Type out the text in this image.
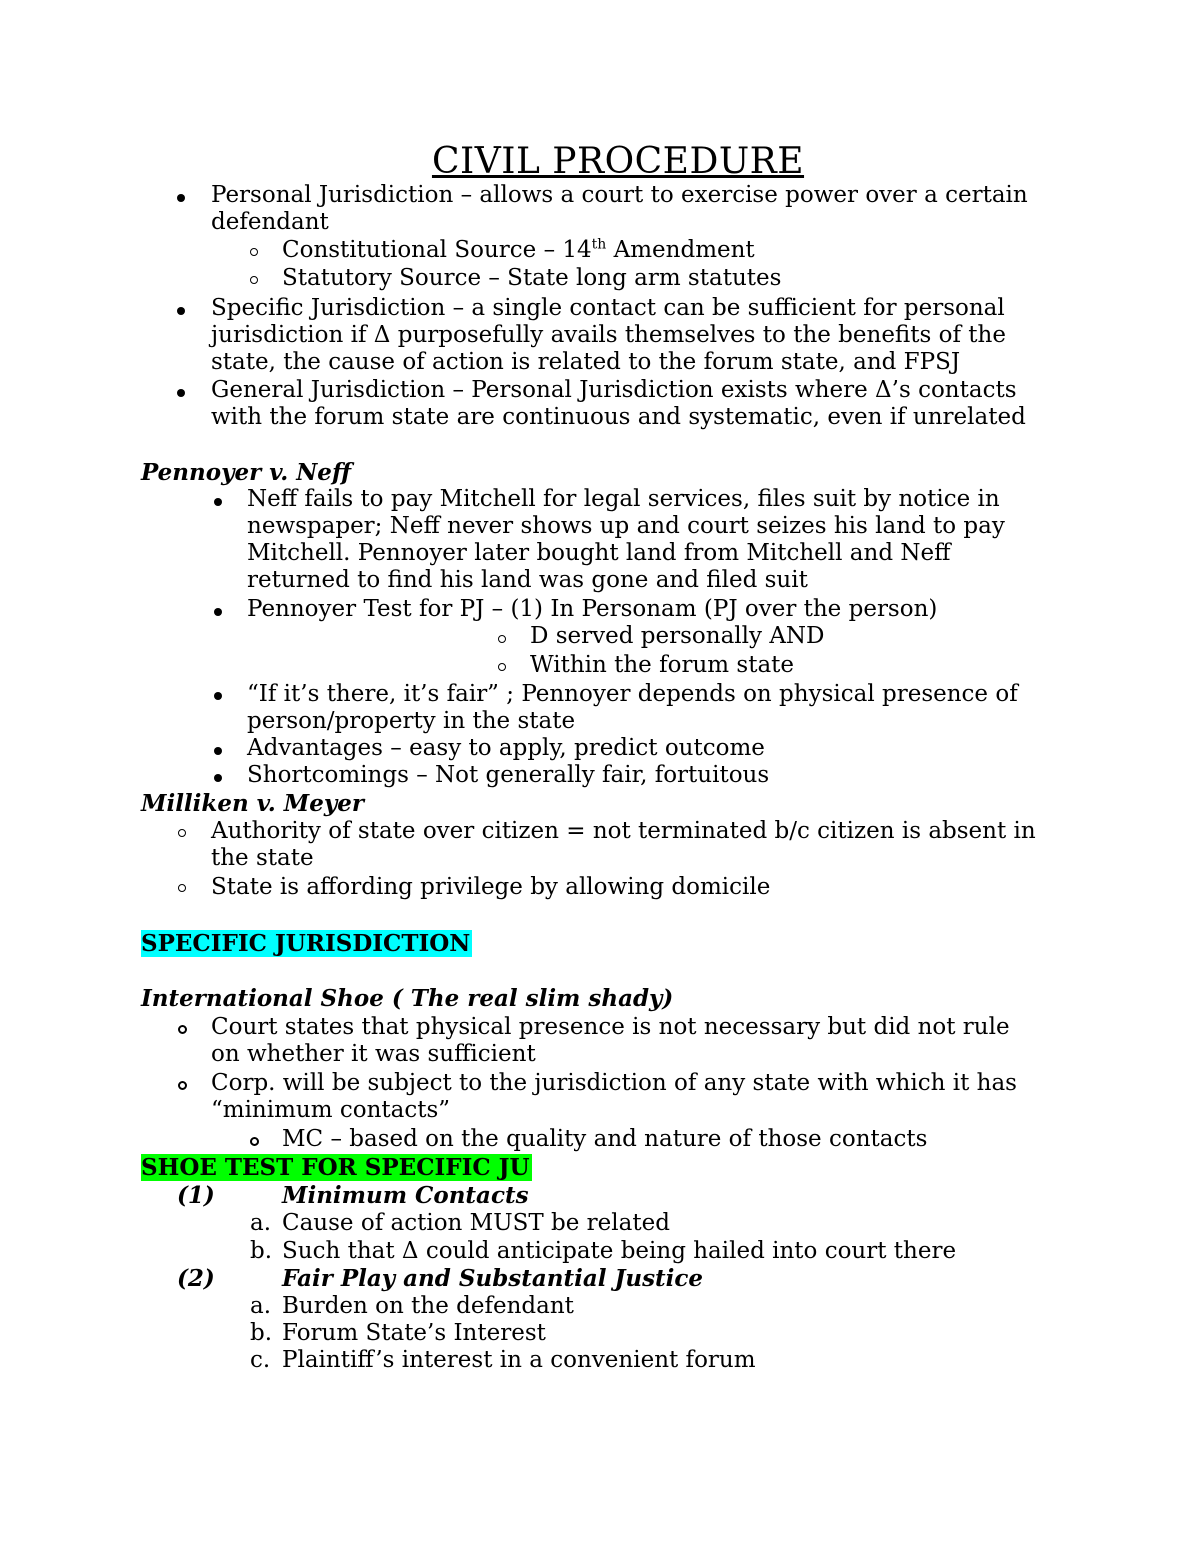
CIVIL PROCEDURE
Personal Jurisdiction – allows a court to exercise power over a certain
defendant
Constitutional Source – 14th Amendment
Statutory Source – State long arm statutes
Specific Jurisdiction – a single contact can be sufficient for personal
jurisdiction if Δ purposefully avails themselves to the benefits of the
state, the cause of action is related to the forum state, and FPSJ
General Jurisdiction – Personal Jurisdiction exists where Δ’s contacts
with the forum state are continuous and systematic, even if unrelated
Pennoyer v. Neff
Neff fails to pay Mitchell for legal services, files suit by notice in
newspaper; Neff never shows up and court seizes his land to pay
Mitchell. Pennoyer later bought land from Mitchell and Neff
returned to find his land was gone and filed suit
Pennoyer Test for PJ – (1) In Personam (PJ over the person)
D served personally AND
Within the forum state
“If it’s there, it’s fair” ; Pennoyer depends on physical presence of
person/property in the state
Advantages – easy to apply, predict outcome
Shortcomings – Not generally fair, fortuitous
Milliken v. Meyer
Authority of state over citizen = not terminated b/c citizen is absent in
the state
State is affording privilege by allowing domicile
SPECIFIC JURISDICTION
International Shoe ( The real slim shady)
Court states that physical presence is not necessary but did not rule
on whether it was sufficient
Corp. will be subject to the jurisdiction of any state with which it has
“minimum contacts”
MC – based on the quality and nature of those contacts
SHOE TEST FOR SPECIFIC JU
(1)	Minimum Contacts
a. Cause of action MUST be related
b. Such that Δ could anticipate being hailed into court there
(2)	Fair Play and Substantial Justice
a. Burden on the defendant
b. Forum State’s Interest
c. Plaintiff’s interest in a convenient forum
